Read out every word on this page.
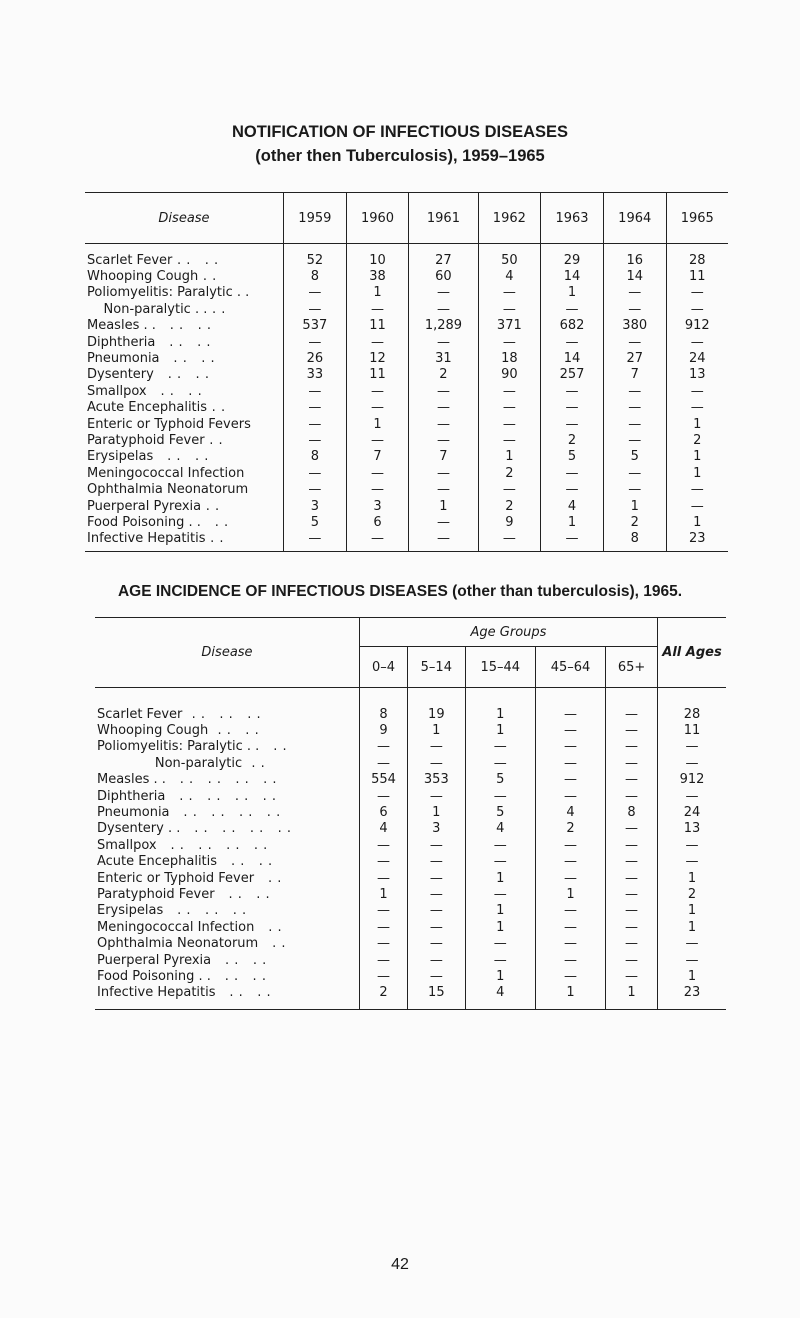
NOTIFICATION OF INFECTIOUS DISEASES
(other then Tuberculosis), 1959–1965
Disease	1959	1960	1961	1962	1963	1964	1965
Scarlet Fever . .   . .	52	10	27	50	29	16	28
Whooping Cough . .	8	38	60	4	14	14	11
Poliomyelitis: Paralytic . .	—	1	—	—	1	—	—
Non-paralytic . . . .	—	—	—	—	—	—	—
Measles . .   . .   . .	537	11	1,289	371	682	380	912
Diphtheria   . .   . .	—	—	—	—	—	—	—
Pneumonia   . .   . .	26	12	31	18	14	27	24
Dysentery   . .   . .	33	11	2	90	257	7	13
Smallpox   . .   . .	—	—	—	—	—	—	—
Acute Encephalitis . .	—	—	—	—	—	—	—
Enteric or Typhoid Fevers	—	1	—	—	—	—	1
Paratyphoid Fever . .	—	—	—	—	2	—	2
Erysipelas   . .   . .	8	7	7	1	5	5	1
Meningococcal Infection	—	—	—	2	—	—	1
Ophthalmia Neonatorum	—	—	—	—	—	—	—
Puerperal Pyrexia . .	3	3	1	2	4	1	—
Food Poisoning . .   . .	5	6	—	9	1	2	1
Infective Hepatitis . .	—	—	—	—	—	8	23
AGE INCIDENCE OF INFECTIOUS DISEASES (other than tuberculosis), 1965.
Disease	Age Groups					All Ages
	0–4	5–14	15–44	45–64	65+	
Scarlet Fever  . .   . .   . .	8	19	1	—	—	28
Whooping Cough  . .   . .	9	1	1	—	—	11
Poliomyelitis: Paralytic . .   . .	—	—	—	—	—	—
Non-paralytic  . .	—	—	—	—	—	—
Measles . .   . .   . .   . .   . .	554	353	5	—	—	912
Diphtheria   . .   . .   . .   . .	—	—	—	—	—	—
Pneumonia   . .   . .   . .   . .	6	1	5	4	8	24
Dysentery . .   . .   . .   . .   . .	4	3	4	2	—	13
Smallpox   . .   . .   . .   . .	—	—	—	—	—	—
Acute Encephalitis   . .   . .	—	—	—	—	—	—
Enteric or Typhoid Fever   . .	—	—	1	—	—	1
Paratyphoid Fever   . .   . .	1	—	—	1	—	2
Erysipelas   . .   . .   . .	—	—	1	—	—	1
Meningococcal Infection   . .	—	—	1	—	—	1
Ophthalmia Neonatorum   . .	—	—	—	—	—	—
Puerperal Pyrexia   . .   . .	—	—	—	—	—	—
Food Poisoning . .   . .   . .	—	—	1	—	—	1
Infective Hepatitis   . .   . .	2	15	4	1	1	23
42
